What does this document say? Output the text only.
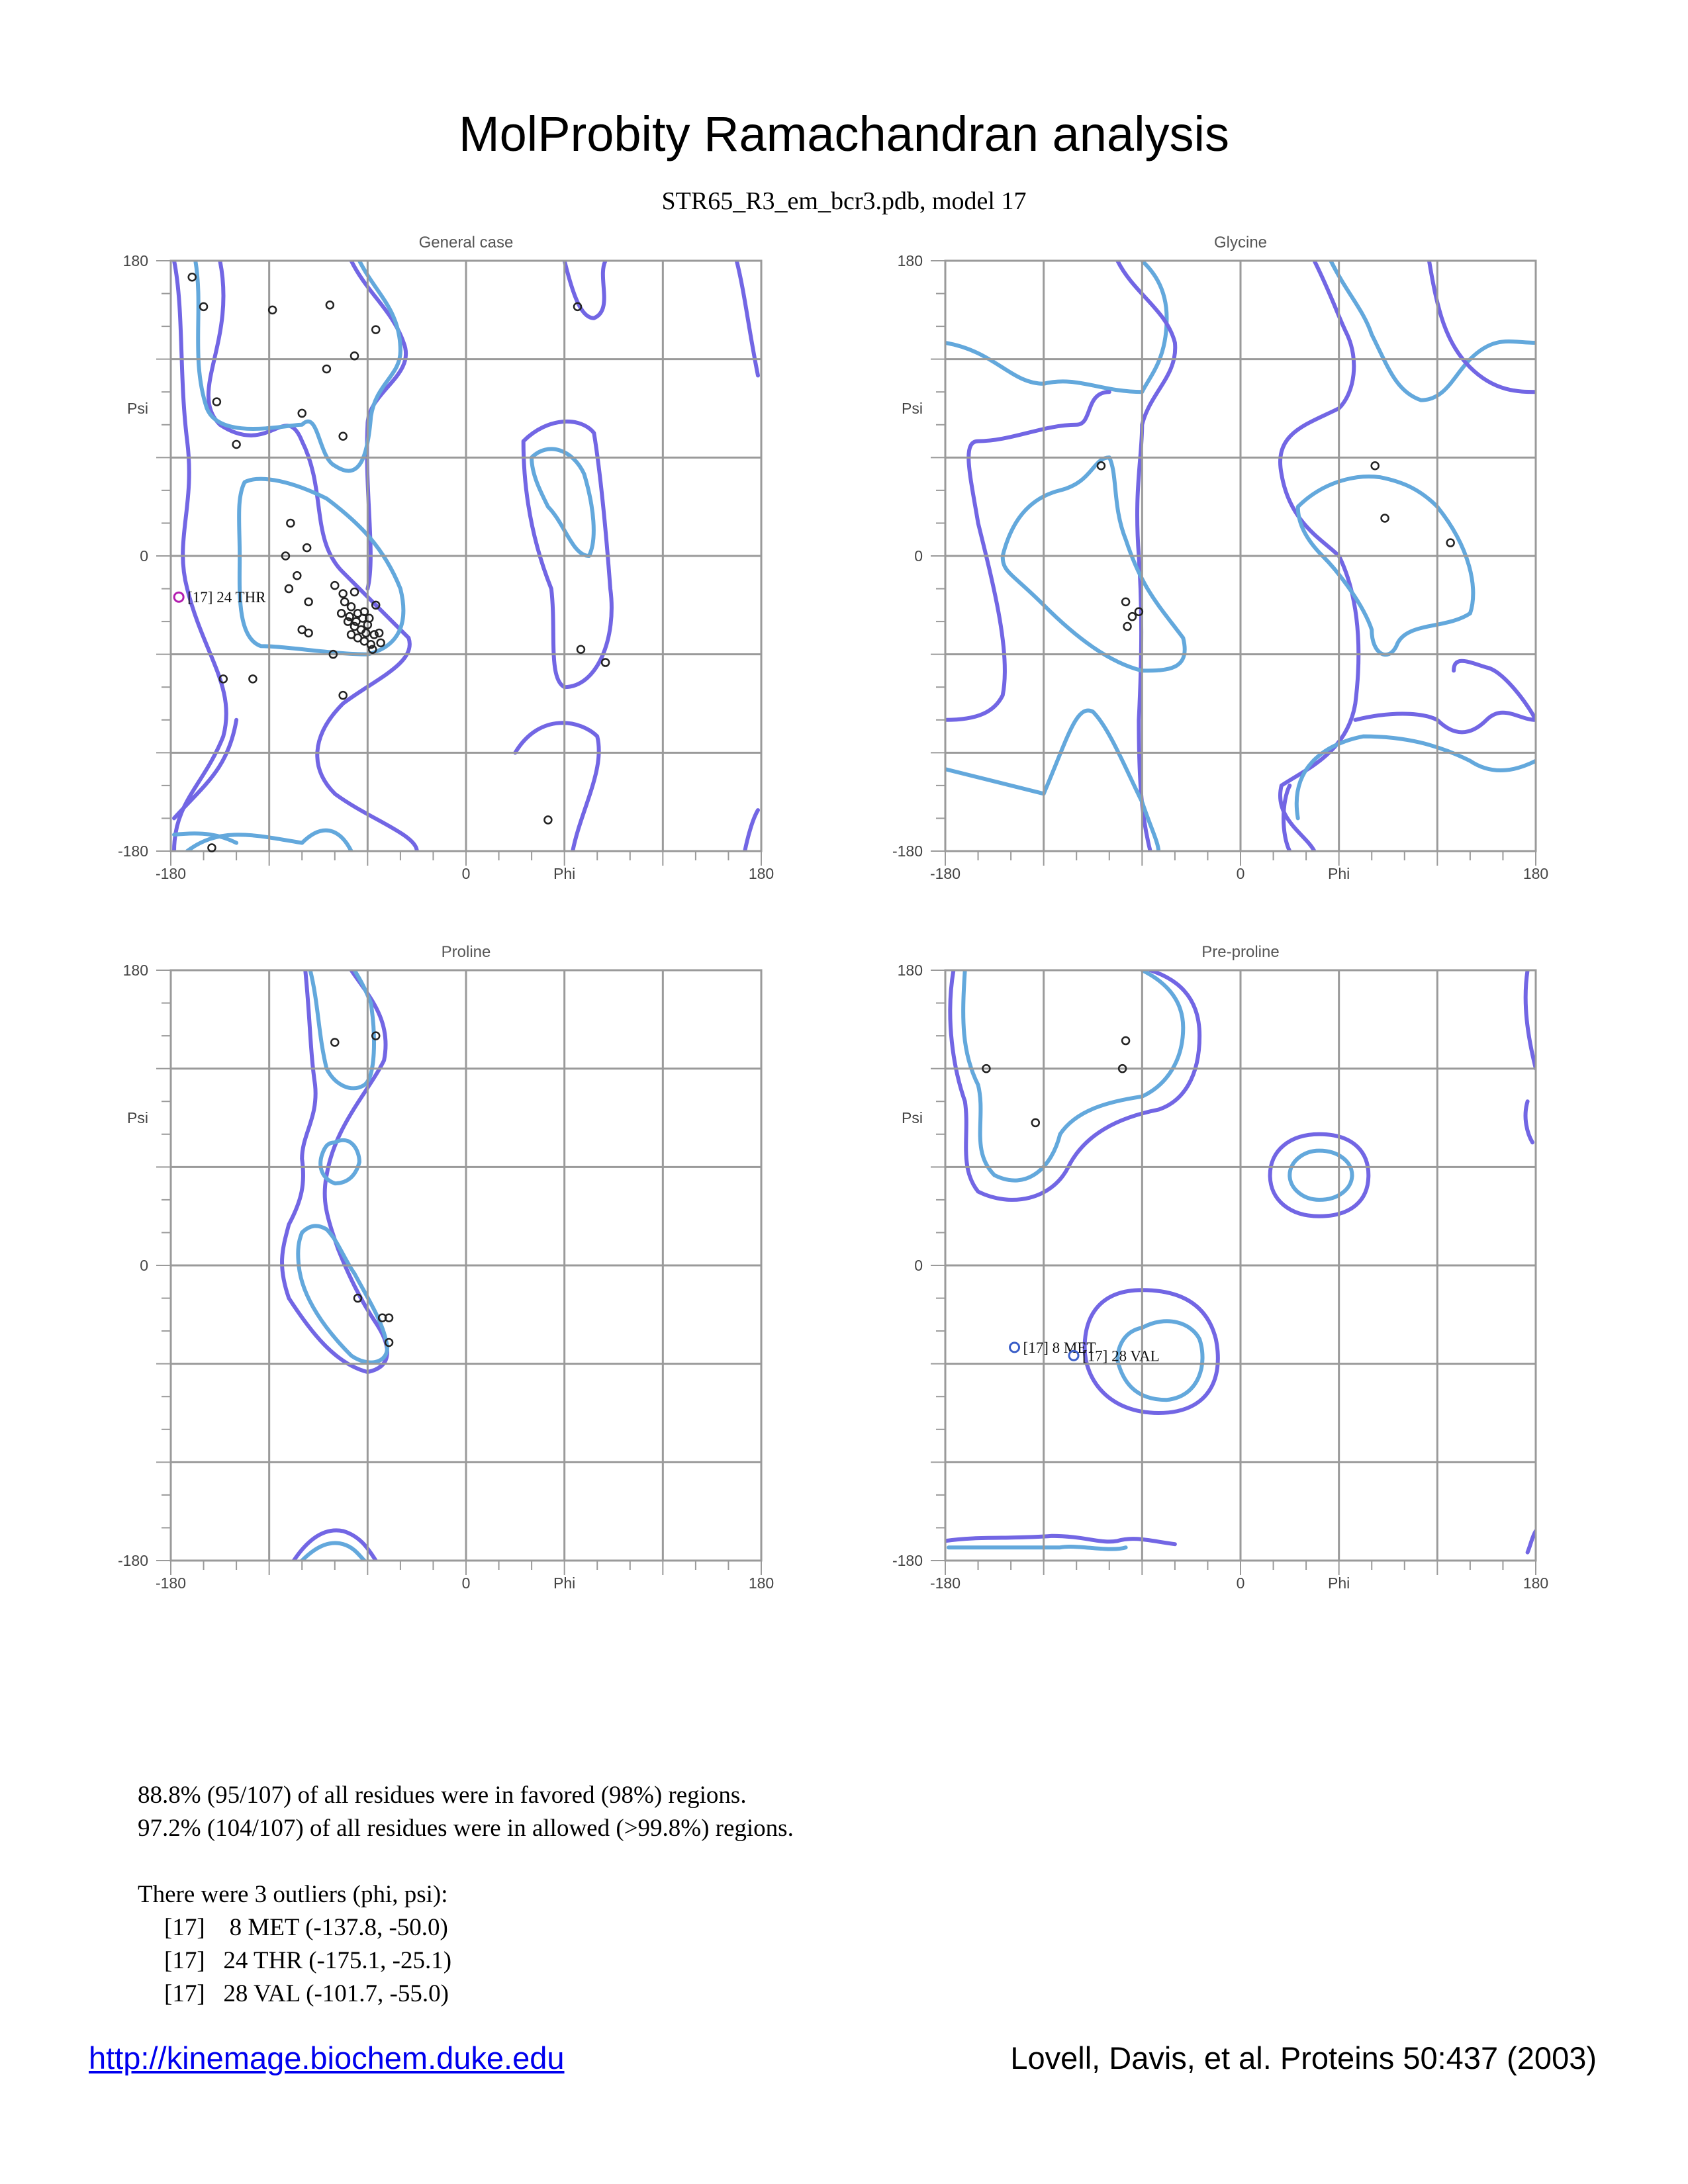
MolProbity Ramachandran analysis
STR65_R3_em_bcr3.pdb, model 17
General case
-180	0	Phi	180
180
Psi
0
-180
[17] 24 THR
Glycine
-180	0	Phi	180
180
Psi
0
-180
Proline
-180	0	Phi	180
180
Psi
0
-180
Pre-proline
-180	0	Phi	180
180
Psi
0
-180
[17] 8 MET
[17] 28 VAL
88.8% (95/107) of all residues were in favored (98%) regions.
97.2% (104/107) of all residues were in allowed (>99.8%) regions.
There were 3 outliers (phi, psi):
[17]    8 MET (-137.8, -50.0)
[17]   24 THR (-175.1, -25.1)
[17]   28 VAL (-101.7, -55.0)
http://kinemage.biochem.duke.edu	Lovell, Davis, et al. Proteins 50:437 (2003)
